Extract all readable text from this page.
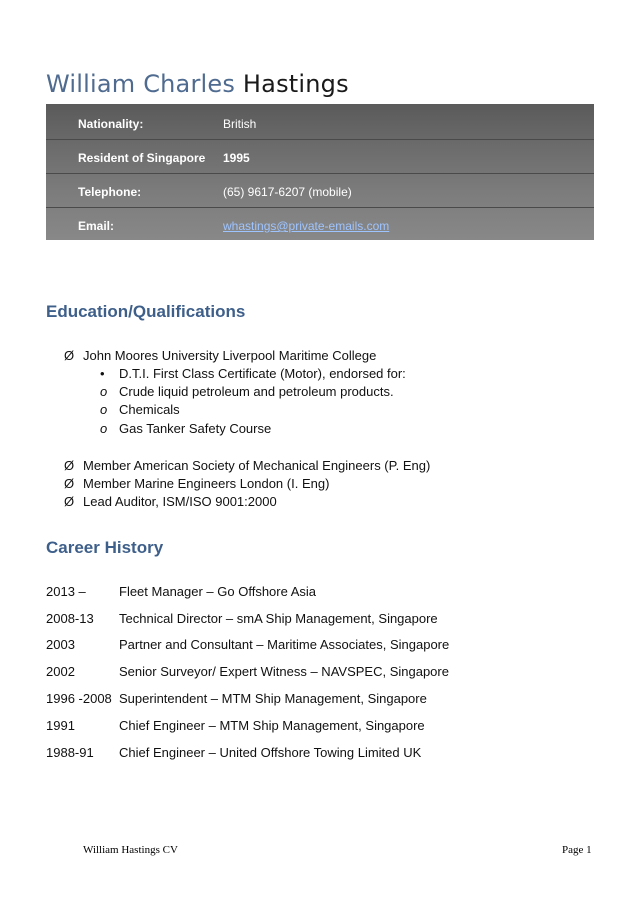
William Charles Hastings
Nationality:	British
Resident of Singapore	1995
Telephone:	(65) 9617-6207 (mobile)
Email:	whastings@private-emails.com
Education/Qualifications
Ø John Moores University Liverpool Maritime College
•	D.T.I. First Class Certificate (Motor), endorsed for:
o Crude liquid petroleum and petroleum products.
o Chemicals
o Gas Tanker Safety Course
Ø Member American Society of Mechanical Engineers (P. Eng)
Ø Member Marine Engineers London (I. Eng)
Ø Lead Auditor, ISM/ISO 9001:2000
Career History
2013 –	Fleet Manager – Go Offshore Asia
2008-13	Technical Director – smA Ship Management, Singapore
2003	Partner and Consultant – Maritime Associates, Singapore
2002	Senior Surveyor/ Expert Witness – NAVSPEC, Singapore
1996 -2008 Superintendent – MTM Ship Management, Singapore
1991	Chief Engineer – MTM Ship Management, Singapore
1988-91	Chief Engineer – United Offshore Towing Limited UK
William Hastings CV	Page 1
